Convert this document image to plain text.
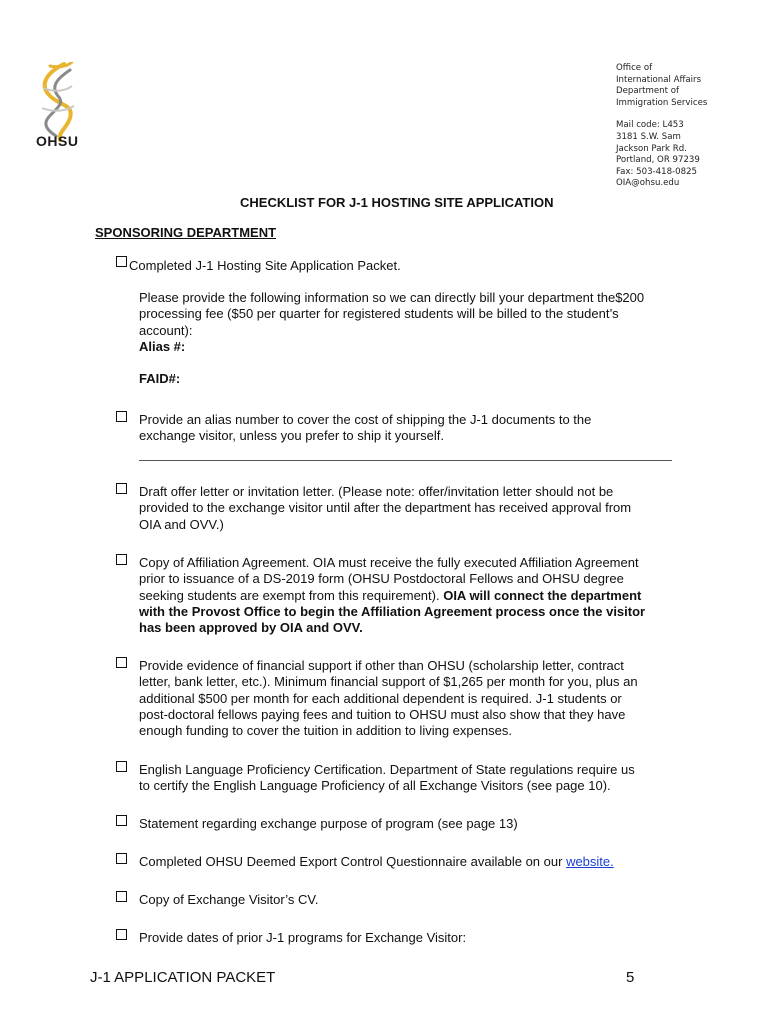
OHSU
Office of
International Affairs
Department of
Immigration Services
Mail code: L453
3181 S.W. Sam
Jackson Park Rd.
Portland, OR 97239
Fax: 503-418-0825
OIA@ohsu.edu
CHECKLIST FOR J-1 HOSTING SITE APPLICATION
SPONSORING DEPARTMENT
Completed J-1 Hosting Site Application Packet.
Please provide the following information so we can directly bill your department the$200
processing fee ($50 per quarter for registered students will be billed to the student’s
account):
Alias #:
FAID#:
Provide an alias number to cover the cost of shipping the J-1 documents to the
exchange visitor, unless you prefer to ship it yourself.
Draft offer letter or invitation letter. (Please note: offer/invitation letter should not be
provided to the exchange visitor until after the department has received approval from
OIA and OVV.)
Copy of Affiliation Agreement. OIA must receive the fully executed Affiliation Agreement
prior to issuance of a DS-2019 form (OHSU Postdoctoral Fellows and OHSU degree
seeking students are exempt from this requirement). OIA will connect the department
with the Provost Office to begin the Affiliation Agreement process once the visitor
has been approved by OIA and OVV.
Provide evidence of financial support if other than OHSU (scholarship letter, contract
letter, bank letter, etc.). Minimum financial support of $1,265 per month for you, plus an
additional $500 per month for each additional dependent is required. J-1 students or
post-doctoral fellows paying fees and tuition to OHSU must also show that they have
enough funding to cover the tuition in addition to living expenses.
English Language Proficiency Certification. Department of State regulations require us
to certify the English Language Proficiency of all Exchange Visitors (see page 10).
Statement regarding exchange purpose of program (see page 13)
Completed OHSU Deemed Export Control Questionnaire available on our website.
Copy of Exchange Visitor’s CV.
Provide dates of prior J-1 programs for Exchange Visitor:
J-1 APPLICATION PACKET	5
